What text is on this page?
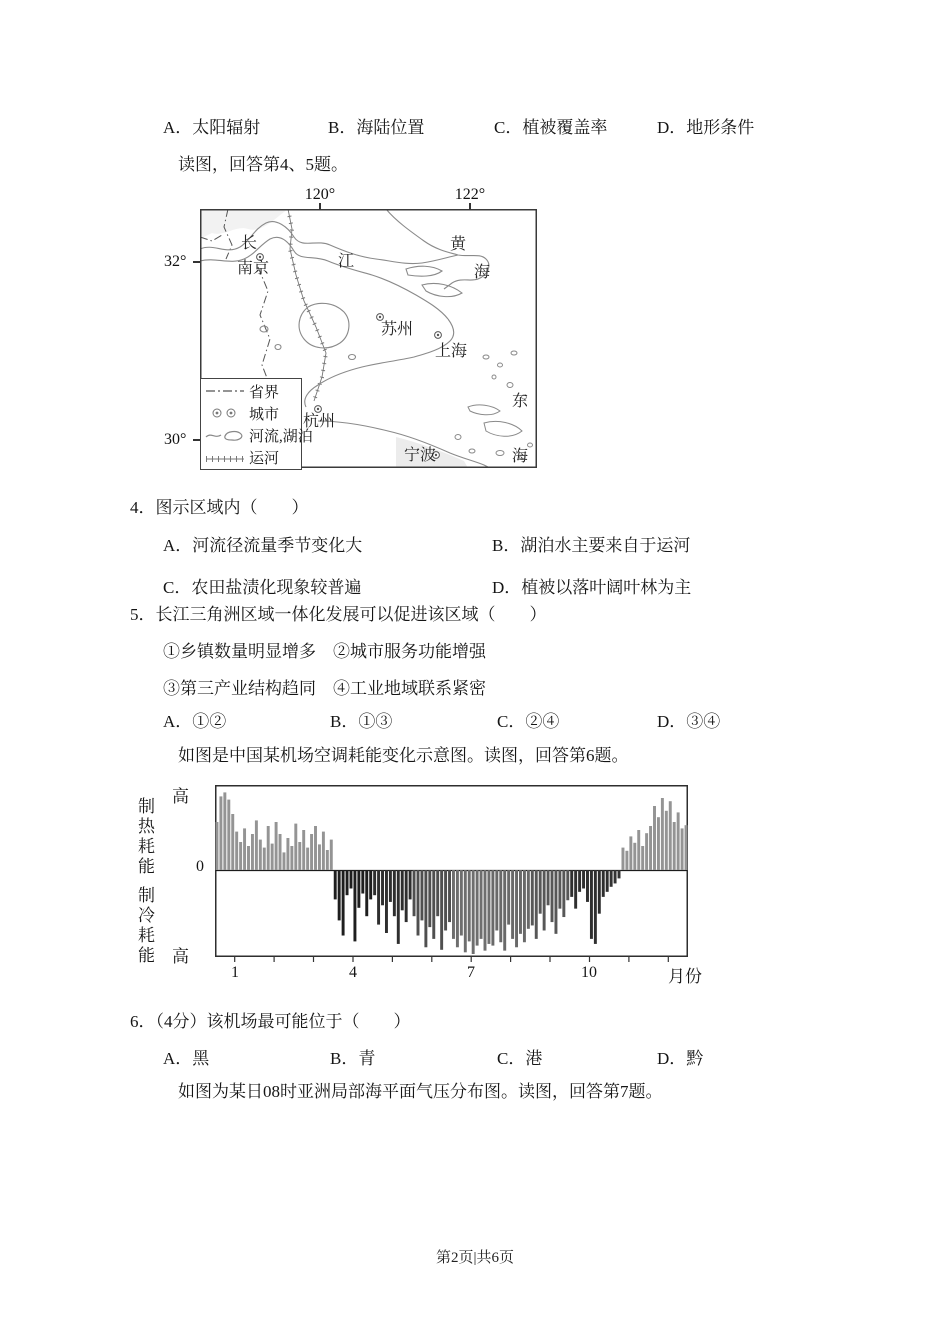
A．太阳辐射	B．海陆位置	C．植被覆盖率	D．地形条件
读图，回答第4、5题。
长
江
南京
黄
海
苏州
上海
杭州
宁波
东
海
省界
城市
河流,湖泊
运河
120°	122°
32°
30°
4．图示区域内（　　）
A．河流径流量季节变化大	B．湖泊水主要来自于运河
C．农田盐渍化现象较普遍	D．植被以落叶阔叶林为主
5．长江三角洲区域一体化发展可以促进该区域（　　）
①乡镇数量明显增多　②城市服务功能增强
③第三产业结构趋同　④工业地域联系紧密
A．①②	B．①③	C．②④	D．③④
如图是中国某机场空调耗能变化示意图。读图，回答第6题。
高
制热耗能	0
制冷耗能 高
1	4	7	10	月份
6．（4分）该机场最可能位于（　　）
A．黑	B．青	C．港	D．黔
如图为某日08时亚洲局部海平面气压分布图。读图，回答第7题。
第2页|共6页
